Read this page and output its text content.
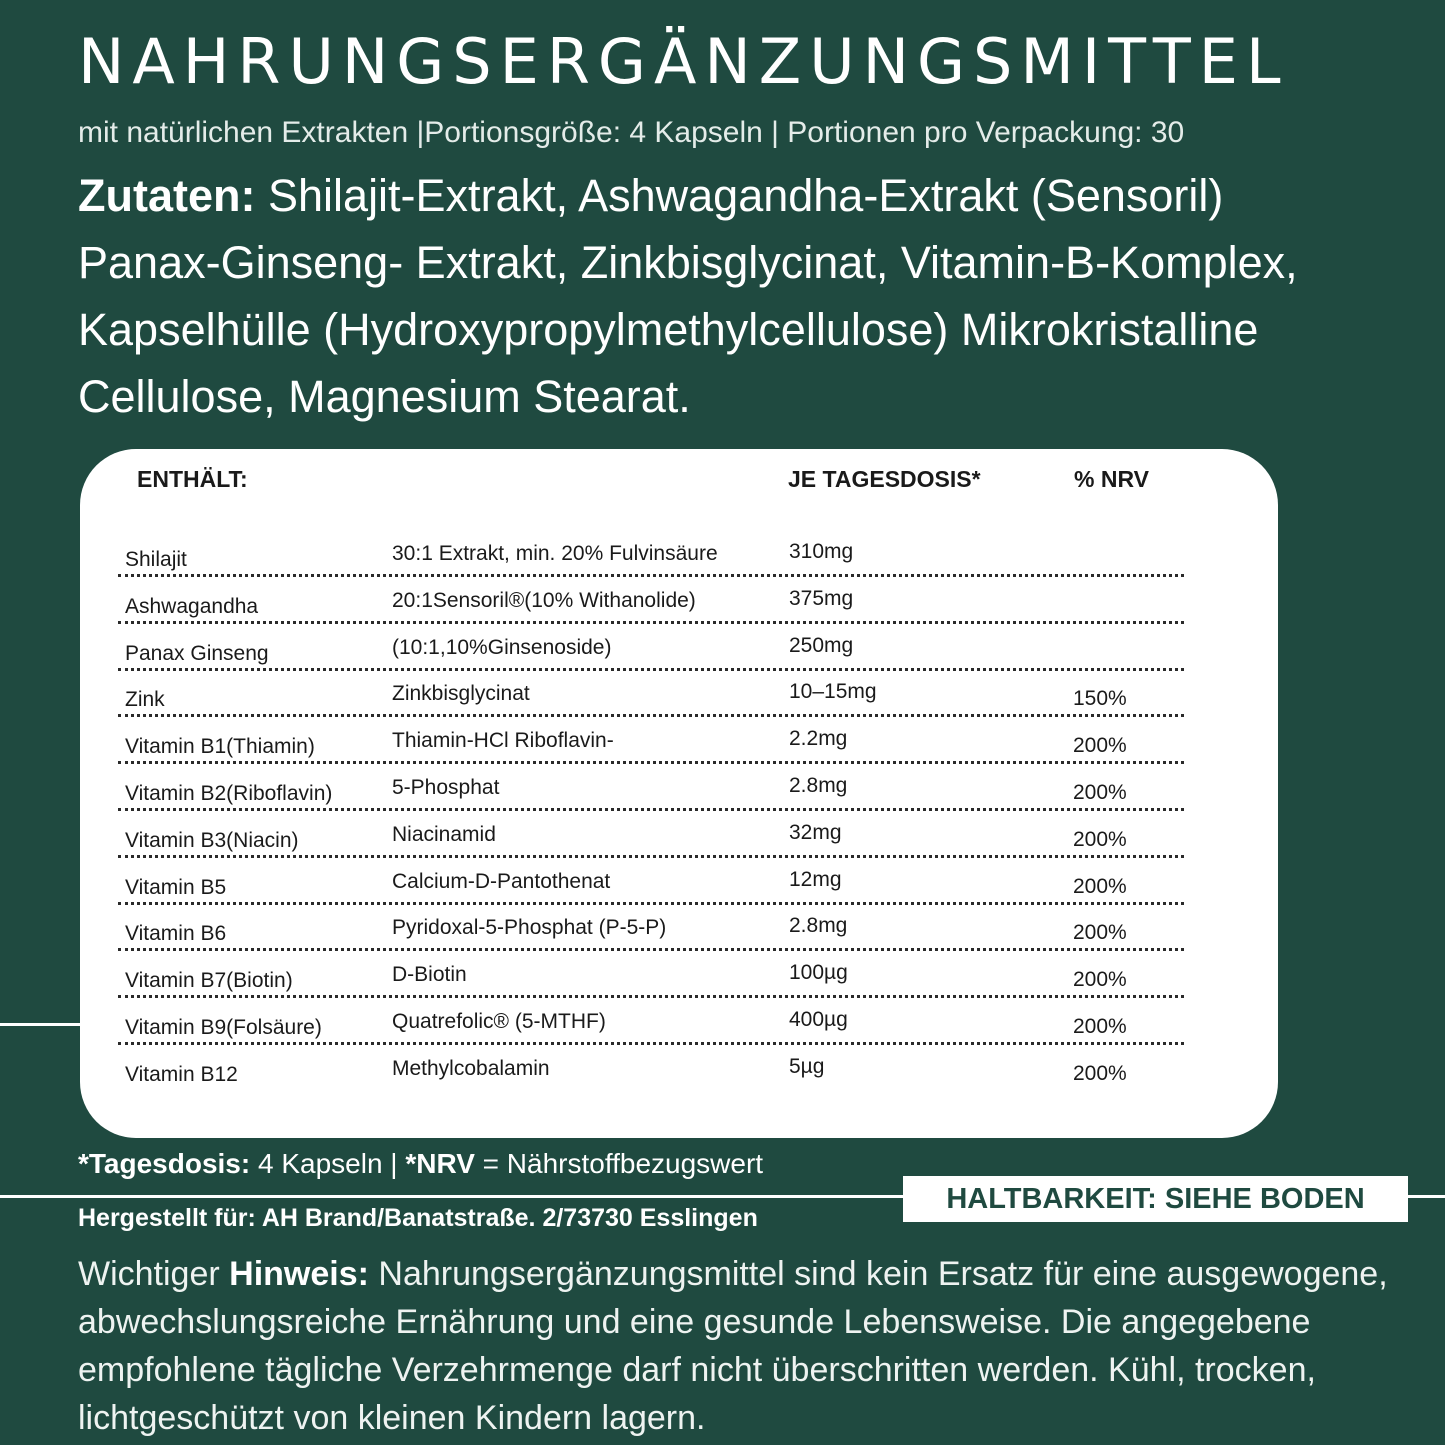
NAHRUNGSERGÄNZUNGSMITTEL
mit natürlichen Extrakten |Portionsgröße: 4 Kapseln | Portionen pro Verpackung: 30
Zutaten: Shilajit-Extrakt, Ashwagandha-Extrakt (Sensoril) Panax-Ginseng- Extrakt, Zinkbisglycinat, Vitamin-B-Komplex, Kapselhülle (Hydroxypropylmethylcellulose) Mikrokristalline Cellulose, Magnesium Stearat.
ENTHÄLT:	JE TAGESDOSIS*	% NRV
Shilajit	30:1 Extrakt, min. 20% Fulvinsäure	310mg
Ashwagandha	20:1Sensoril®(10% Withanolide)	375mg
Panax Ginseng	(10:1,10%Ginsenoside)	250mg
Zink	Zinkbisglycinat	10–15mg	150%
Vitamin B1(Thiamin)	Thiamin-HCl Riboflavin-	2.2mg	200%
Vitamin B2(Riboflavin)	5-Phosphat	2.8mg	200%
Vitamin B3(Niacin)	Niacinamid	32mg	200%
Vitamin B5	Calcium-D-Pantothenat	12mg	200%
Vitamin B6	Pyridoxal-5-Phosphat (P-5-P)	2.8mg	200%
Vitamin B7(Biotin)	D-Biotin	100µg	200%
Vitamin B9(Folsäure)	Quatrefolic® (5-MTHF)	400µg	200%
Vitamin B12	Methylcobalamin	5µg	200%
*Tagesdosis: 4 Kapseln | *NRV = Nährstoffbezugswert
HALTBARKEIT: SIEHE BODEN
Hergestellt für: AH Brand/Banatstraße. 2/73730 Esslingen
Wichtiger Hinweis: Nahrungsergänzungsmittel sind kein Ersatz für eine ausgewogene, abwechslungsreiche Ernährung und eine gesunde Lebensweise. Die angegebene empfohlene tägliche Verzehrmenge darf nicht überschritten werden. Kühl, trocken, lichtgeschützt von kleinen Kindern lagern.
